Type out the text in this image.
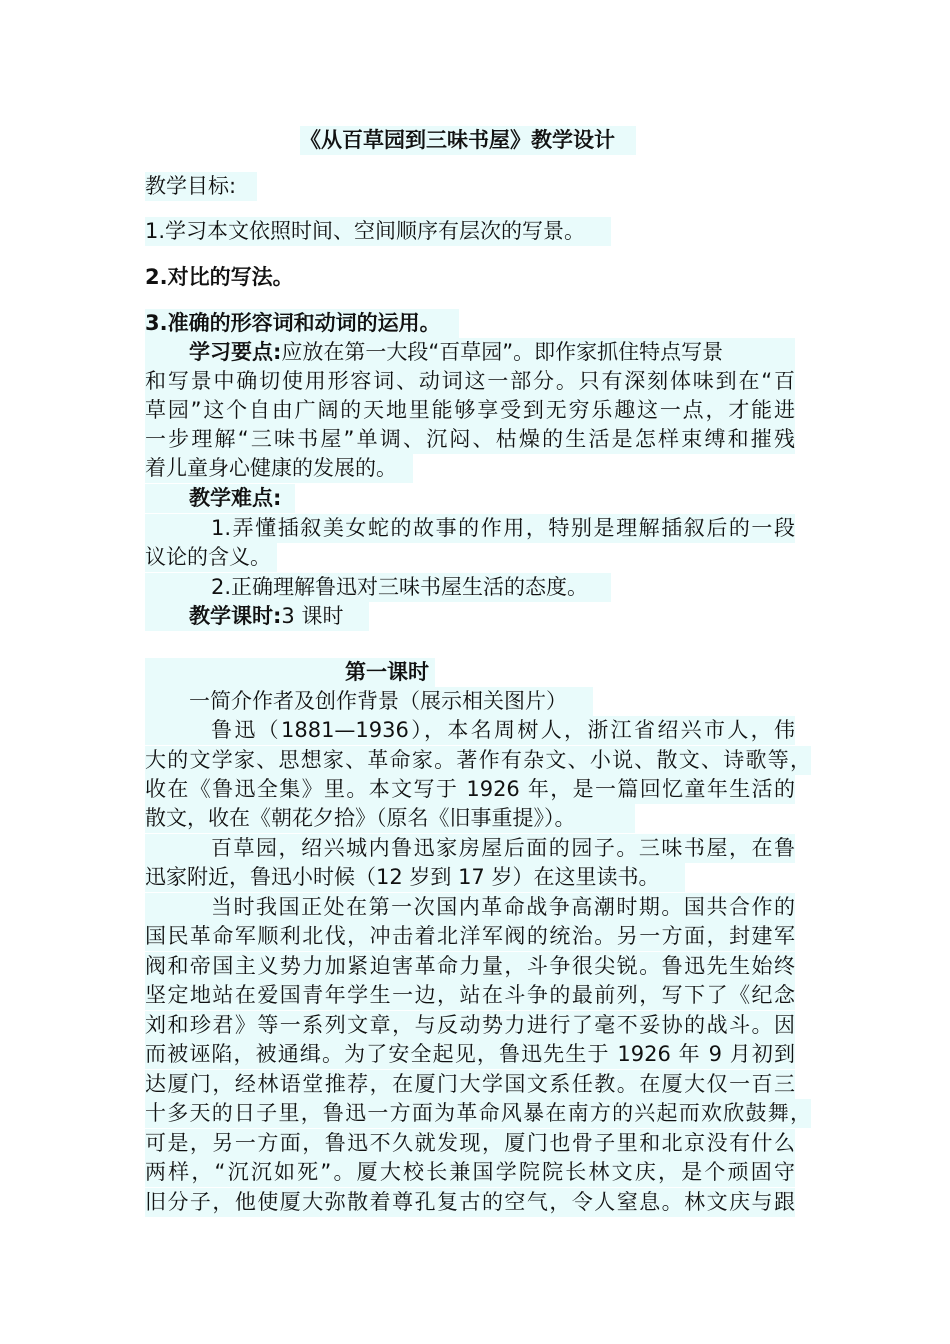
《从百草园到三味书屋》教学设计
教学目标:
1.学习本文依照时间、空间顺序有层次的写景。
2.对比的写法。
3.准确的形容词和动词的运用。
学习要点:应放在第一大段“百草园”。即作家抓住特点写景
和写景中确切使用形容词、动词这一部分。只有深刻体味到在“百
草园”这个自由广阔的天地里能够享受到无穷乐趣这一点，才能进
一步理解“三味书屋”单调、沉闷、枯燥的生活是怎样束缚和摧残
着儿童身心健康的发展的。
教学难点:
1.弄懂插叙美女蛇的故事的作用，特别是理解插叙后的一段
议论的含义。
2.正确理解鲁迅对三味书屋生活的态度。
教学课时:3 课时
第一课时
一简介作者及创作背景（展示相关图片）
鲁迅（1881—1936），本名周树人，浙江省绍兴市人，伟
大的文学家、思想家、革命家。著作有杂文、小说、散文、诗歌等，
收在《鲁迅全集》里。本文写于 1926 年，是一篇回忆童年生活的
散文，收在《朝花夕拾》（原名《旧事重提》）。
百草园，绍兴城内鲁迅家房屋后面的园子。三味书屋，在鲁
迅家附近，鲁迅小时候（12 岁到 17 岁）在这里读书。
当时我国正处在第一次国内革命战争高潮时期。国共合作的
国民革命军顺利北伐，冲击着北洋军阀的统治。另一方面，封建军
阀和帝国主义势力加紧迫害革命力量，斗争很尖锐。鲁迅先生始终
坚定地站在爱国青年学生一边，站在斗争的最前列，写下了《纪念
刘和珍君》等一系列文章，与反动势力进行了毫不妥协的战斗。因
而被诬陷，被通缉。为了安全起见，鲁迅先生于 1926 年 9 月初到
达厦门，经林语堂推荐，在厦门大学国文系任教。在厦大仅一百三
十多天的日子里，鲁迅一方面为革命风暴在南方的兴起而欢欣鼓舞，
可是，另一方面，鲁迅不久就发现，厦门也骨子里和北京没有什么
两样，“沉沉如死”。厦大校长兼国学院院长林文庆，是个顽固守
旧分子，他使厦大弥散着尊孔复古的空气，令人窒息。林文庆与跟
